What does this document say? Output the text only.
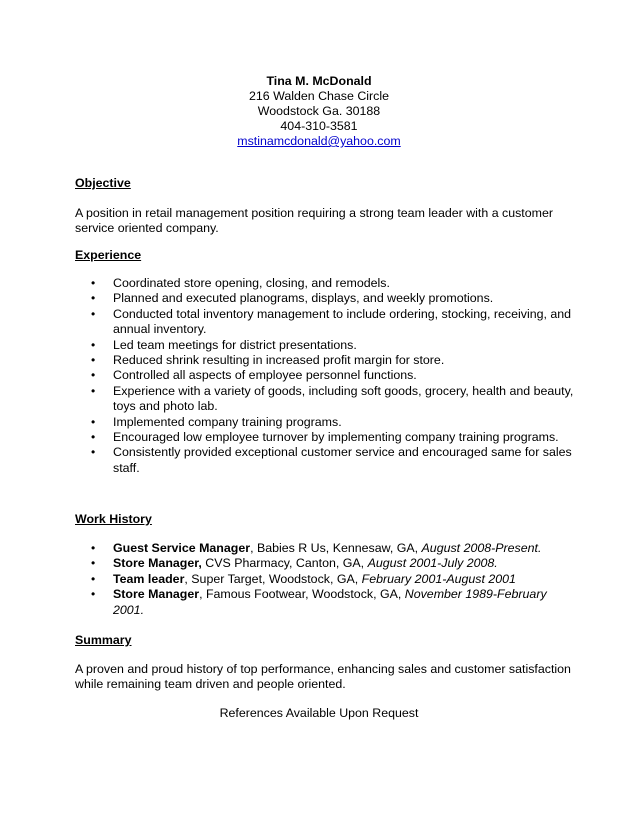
Tina M. McDonald
216 Walden Chase Circle
Woodstock Ga. 30188
404-310-3581
mstinamcdonald@yahoo.com
Objective
A position in retail management position requiring a strong team leader with a customer service oriented company.
Experience
• Coordinated store opening, closing, and remodels.
• Planned and executed planograms, displays, and weekly promotions.
• Conducted total inventory management to include ordering, stocking, receiving, and annual inventory.
• Led team meetings for district presentations.
• Reduced shrink resulting in increased profit margin for store.
• Controlled all aspects of employee personnel functions.
• Experience with a variety of goods, including soft goods, grocery, health and beauty, toys and photo lab.
• Implemented company training programs.
• Encouraged low employee turnover by implementing company training programs.
• Consistently provided exceptional customer service and encouraged same for sales staff.
Work History
• Guest Service Manager, Babies R Us, Kennesaw, GA, August 2008-Present.
• Store Manager, CVS Pharmacy, Canton, GA, August 2001-July 2008.
• Team leader, Super Target, Woodstock, GA, February 2001-August 2001
• Store Manager, Famous Footwear, Woodstock, GA, November 1989-February 2001.
Summary
A proven and proud history of top performance, enhancing sales and customer satisfaction while remaining team driven and people oriented.
References Available Upon Request
